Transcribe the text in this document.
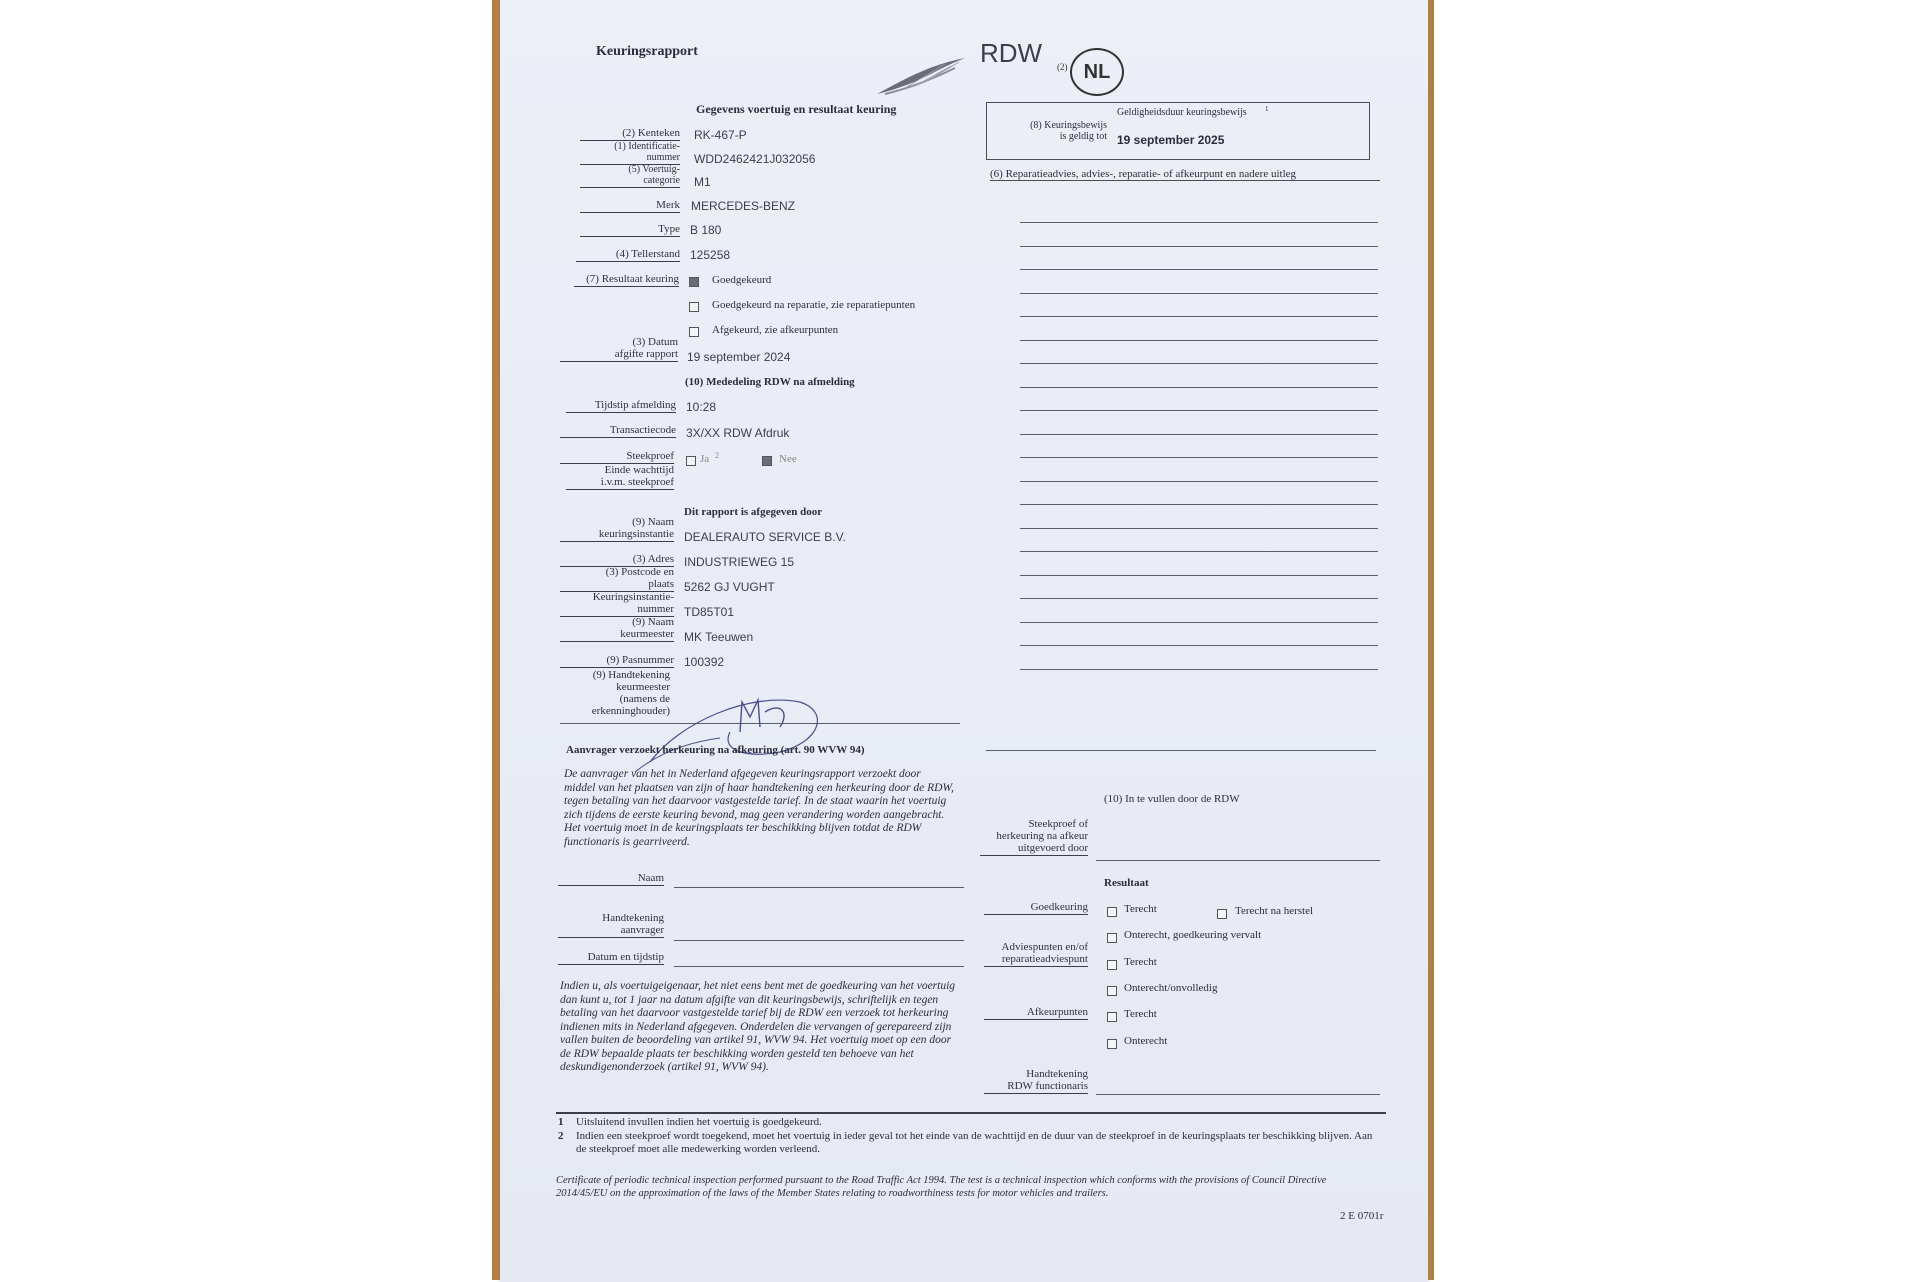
Keuringsrapport	RDW (2) NL
Gegevens voertuig en resultaat keuring
(2) Kenteken RK-467-P
(1) Identificatie-
nummer WDD2462421J032056
(5) Voertuig-
categorie M1
Merk MERCEDES-BENZ
Type B 180
(4) Tellerstand 125258
(7) Resultaat keuring	Goedgekeurd
Goedgekeurd na reparatie, zie reparatiepunten
Afgekeurd, zie afkeurpunten
(3) Datum
afgifte rapport 19 september 2024
(10) Mededeling RDW na afmelding
Tijdstip afmelding 10:28
Transactiecode 3X/XX RDW Afdruk
Steekproef Ja 2	Nee
Einde wachttijd
i.v.m. steekproef
Dit rapport is afgegeven door
(9) Naam
keuringsinstantie DEALERAUTO SERVICE B.V.
(3) Adres INDUSTRIEWEG 15
(3) Postcode en
plaats 5262 GJ VUGHT
Keuringsinstantie-
nummer TD85T01
(9) Naam
keurmeester MK Teeuwen
(9) Pasnummer 100392
(9) Handtekening
keurmeester
(namens de
erkenninghouder)
Geldigheidsduur keuringsbewijs	1
(8) Keuringsbewijs
is geldig tot 19 september 2025
(6) Reparatieadvies, advies-, reparatie- of afkeurpunt en nadere uitleg
Aanvrager verzoekt herkeuring na afkeuring (art. 90 WVW 94)
De aanvrager van het in Nederland afgegeven keuringsrapport verzoekt door middel van het plaatsen van zijn of haar handtekening een herkeuring door de RDW, tegen betaling van het daarvoor vastgestelde tarief. In de staat waarin het voertuig zich tijdens de eerste keuring bevond, mag geen verandering worden aangebracht. Het voertuig moet in de keuringsplaats ter beschikking blijven totdat de RDW functionaris is gearriveerd.
Naam
Handtekening
aanvrager
Datum en tijdstip
Indien u, als voertuigeigenaar, het niet eens bent met de goedkeuring van het voertuig dan kunt u, tot 1 jaar na datum afgifte van dit keuringsbewijs, schriftelijk en tegen betaling van het daarvoor vastgestelde tarief bij de RDW een verzoek tot herkeuring indienen mits in Nederland afgegeven. Onderdelen die vervangen of gerepareerd zijn vallen buiten de beoordeling van artikel 91, WVW 94. Het voertuig moet op een door de RDW bepaalde plaats ter beschikking worden gesteld ten behoeve van het deskundigenonderzoek (artikel 91, WVW 94).
(10) In te vullen door de RDW
Steekproef of
herkeuring na afkeur
uitgevoerd door
Resultaat
Goedkeuring	Terecht	Terecht na herstel
Onterecht, goedkeuring vervalt
Adviespunten en/of
reparatieadviespunt	Terecht
Onterecht/onvolledig
Afkeurpunten	Terecht
Onterecht
Handtekening
RDW functionaris
1 Uitsluitend invullen indien het voertuig is goedgekeurd.
2 Indien een steekproef wordt toegekend, moet het voertuig in ieder geval tot het einde van de wachttijd en de duur van de steekproef in de keuringsplaats ter beschikking blijven. Aan de steekproef moet alle medewerking worden verleend.
Certificate of periodic technical inspection performed pursuant to the Road Traffic Act 1994. The test is a technical inspection which conforms with the provisions of Council Directive 2014/45/EU on the approximation of the laws of the Member States relating to roadworthiness tests for motor vehicles and trailers.
2 E 0701r
